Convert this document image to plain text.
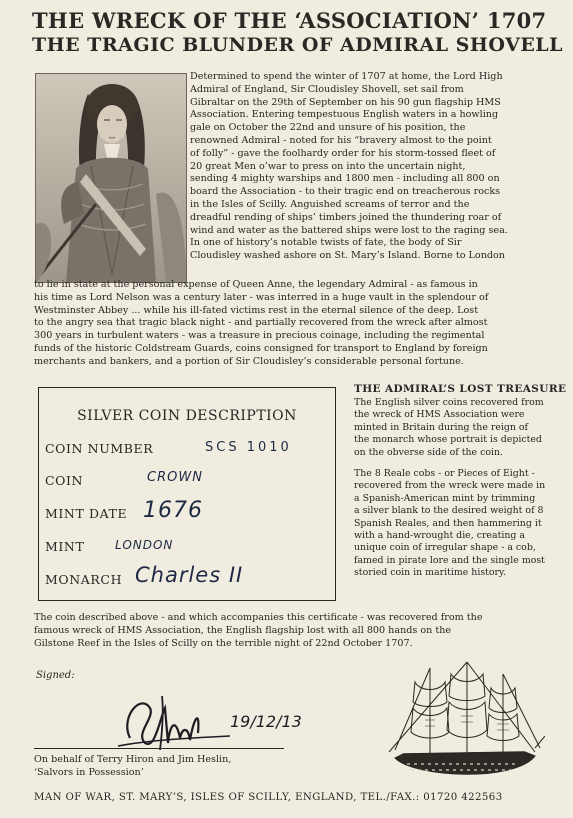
THE WRECK OF THE ‘ASSOCIATION’ 1707
THE TRAGIC BLUNDER OF ADMIRAL SHOVELL
Determined to spend the winter of 1707 at home, the Lord High
Admiral of England, Sir Cloudisley Shovell, set sail from
Gibraltar on the 29th of September on his 90 gun flagship HMS
Association. Entering tempestuous English waters in a howling
gale on October the 22nd and unsure of his position, the
renowned Admiral - noted for his “bravery almost to the point
of folly” - gave the foolhardy order for his storm-tossed fleet of
20 great Men o’war to press on into the uncertain night,
sending 4 mighty warships and 1800 men - including all 800 on
board the Association - to their tragic end on treacherous rocks
in the Isles of Scilly. Anguished screams of terror and the
dreadful rending of ships’ timbers joined the thundering roar of
wind and water as the battered ships were lost to the raging sea.
In one of history’s notable twists of fate, the body of Sir
Cloudisley washed ashore on St. Mary’s Island. Borne to London
to lie in state at the personal expense of Queen Anne, the legendary Admiral - as famous in
his time as Lord Nelson was a century later - was interred in a huge vault in the splendour of
Westminster Abbey ... while his ill-fated victims rest in the eternal silence of the deep. Lost
to the angry sea that tragic black night - and partially recovered from the wreck after almost
300 years in turbulent waters - was a treasure in precious coinage, including the regimental
funds of the historic Coldstream Guards, coins consigned for transport to England by foreign
merchants and bankers, and a portion of Sir Cloudisley’s considerable personal fortune.
SILVER COIN DESCRIPTION
COIN NUMBER	SCS 1010
COIN	CROWN
MINT DATE 1676
MINT	LONDON
MONARCH Charles II
THE ADMIRAL’S LOST TREASURE
The English silver coins recovered from
the wreck of HMS Association were
minted in Britain during the reign of
the monarch whose portrait is depicted
on the obverse side of the coin.
The 8 Reale cobs - or Pieces of Eight -
recovered from the wreck were made in
a Spanish-American mint by trimming
a silver blank to the desired weight of 8
Spanish Reales, and then hammering it
with a hand-wrought die, creating a
unique coin of irregular shape - a cob,
famed in pirate lore and the single most
storied coin in maritime history.
The coin described above - and which accompanies this certificate - was recovered from the
famous wreck of HMS Association, the English flagship lost with all 800 hands on the
Gilstone Reef in the Isles of Scilly on the terrible night of 22nd October 1707.
Signed:
19/12/13
On behalf of Terry Hiron and Jim Heslin,
‘Salvors in Possession’
MAN OF WAR, ST. MARY’S, ISLES OF SCILLY, ENGLAND, TEL./FAX.: 01720 422563
